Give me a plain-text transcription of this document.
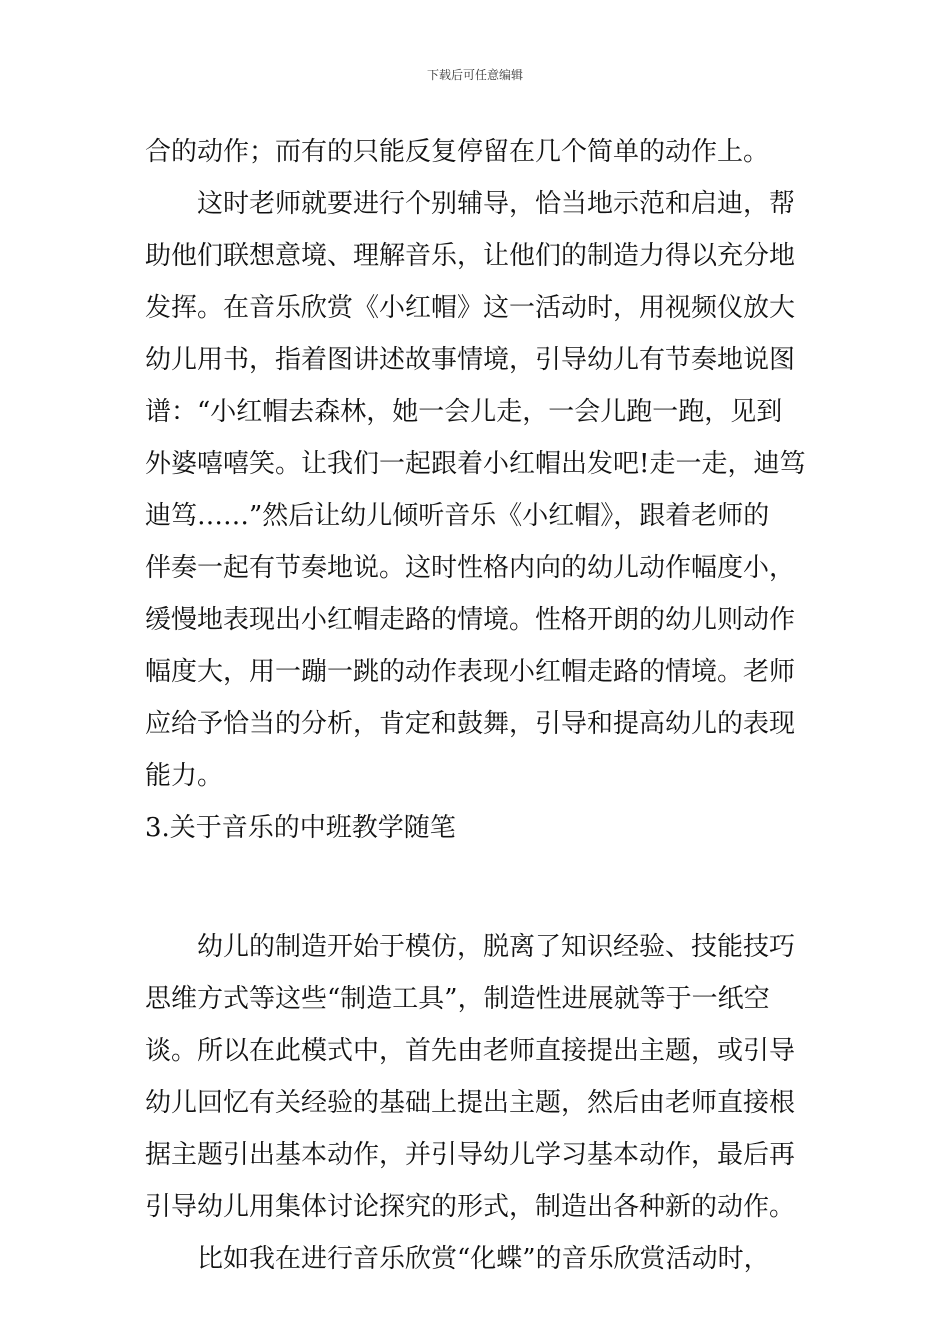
下载后可任意编辑
合的动作；而有的只能反复停留在几个简单的动作上。
这时老师就要进行个别辅导，恰当地示范和启迪，帮
助他们联想意境、理解音乐，让他们的制造力得以充分地
发挥。在音乐欣赏《小红帽》这一活动时，用视频仪放大
幼儿用书，指着图讲述故事情境，引导幼儿有节奏地说图
谱：“小红帽去森林，她一会儿走，一会儿跑一跑，见到
外婆嘻嘻笑。让我们一起跟着小红帽出发吧!走一走，迪笃
迪笃……”然后让幼儿倾听音乐《小红帽》，跟着老师的
伴奏一起有节奏地说。这时性格内向的幼儿动作幅度小，
缓慢地表现出小红帽走路的情境。性格开朗的幼儿则动作
幅度大，用一蹦一跳的动作表现小红帽走路的情境。老师
应给予恰当的分析，肯定和鼓舞，引导和提高幼儿的表现
能力。
3.关于音乐的中班教学随笔
幼儿的制造开始于模仿，脱离了知识经验、技能技巧
思维方式等这些“制造工具”，制造性进展就等于一纸空
谈。所以在此模式中，首先由老师直接提出主题，或引导
幼儿回忆有关经验的基础上提出主题，然后由老师直接根
据主题引出基本动作，并引导幼儿学习基本动作，最后再
引导幼儿用集体讨论探究的形式，制造出各种新的动作。
比如我在进行音乐欣赏“化蝶”的音乐欣赏活动时，
